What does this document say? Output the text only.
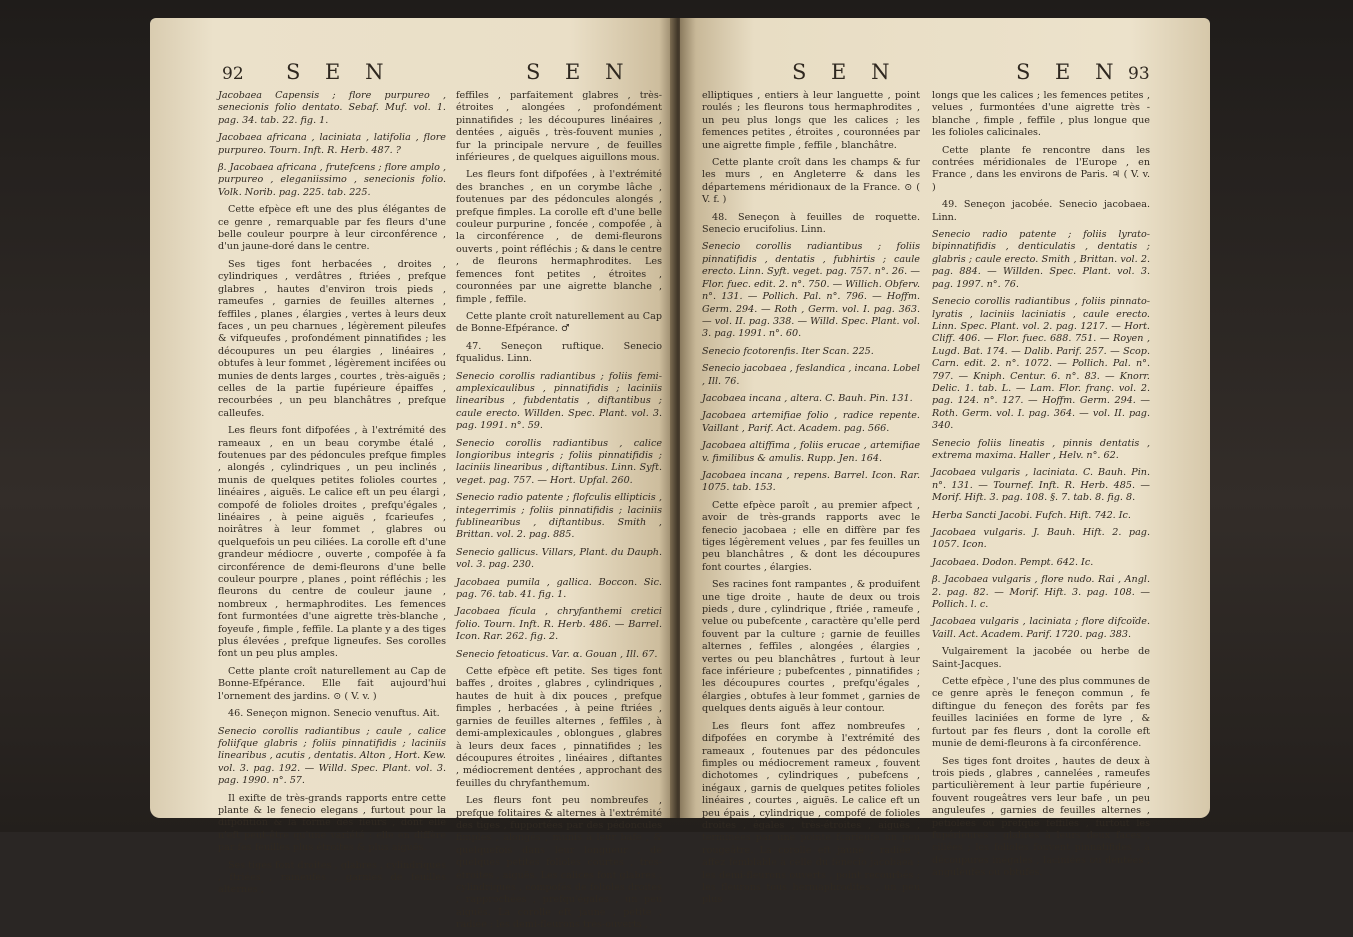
92 S E N	S E N

Jacobaea Capensis ; flore purpureo , senecionis folio dentato. Sebaf. Muf. vol. 1. pag. 34. tab. 22. fig. 1.

Jacobaea africana , laciniata , latifolia , flore purpureo. Tourn. Inft. R. Herb. 487. ?

β. Jacobaea africana , frutefcens ; flore amplo , purpureo , eleganiissimo , senecionis folio. Volk. Norib. pag. 225. tab. 225.

Cette efpèce eft une des plus élégantes de ce genre , remarquable par fes fleurs d'une belle couleur pourpre à leur circonférence , d'un jaune-doré dans le centre.

Ses tiges font herbacées , droites , cylindriques , verdâtres , ftriées , prefque glabres , hautes d'environ trois pieds , rameufes , garnies de feuilles alternes , feffiles , planes , élargies , vertes à leurs deux faces , un peu charnues , légèrement pileufes & vifqueufes , profondément pinnatifides ; les découpures un peu élargies , linéaires , obtufes à leur fommet , légèrement incifées ou munies de dents larges , courtes , très-aiguës ; celles de la partie fupérieure épaiffes , recourbées , un peu blanchâtres , prefque calleufes.

Les fleurs font difpofées , à l'extrémité des rameaux , en un beau corymbe étalé , foutenues par des pédoncules prefque fimples , alongés , cylindriques , un peu inclinés , munis de quelques petites folioles courtes , linéaires , aiguës. Le calice eft un peu élargi , compofé de folioles droites , prefqu'égales , linéaires , à peine aiguës , fcarieufes , noirâtres à leur fommet , glabres ou quelquefois un peu ciliées. La corolle eft d'une grandeur médiocre , ouverte , compofée à fa circonférence de demi-fleurons d'une belle couleur pourpre , planes , point réfléchis ; les fleurons du centre de couleur jaune , nombreux , hermaphrodites. Les femences font furmontées d'une aigrette très-blanche , foyeufe , fimple , feffile. La plante y a des tiges plus élevées , prefque ligneufes. Ses corolles font un peu plus amples.

Cette plante croît naturellement au Cap de Bonne-Efpérance. Elle fait aujourd'hui l'ornement des jardins. ⊙ ( V. v. )

46. Seneçon mignon. Senecio venuftus. Ait.

Senecio corollis radiantibus ; caule , calice foliifque glabris ; foliis pinnatifidis ; laciniis linearibus , acutis , dentatis. Alton , Hort. Kew. vol. 3. pag. 192. — Willd. Spec. Plant. vol. 3. pag. 1990. n°. 57.

Il exifte de très-grands rapports entre cette plante & le fenecio elegans , furtout pour la difpofition & la forme des fleurs , dont elle n'eft peut-être qu'une variété ; elle en diffère par fes feuilles plus étroites & plus aiguës.

Ses tiges font droites , glabres , cylindriques , ftriées , rameufes , garnies de feuilles alternes ,

feffiles , parfaitement glabres , très-étroites , alongées , profondément pinnatifides ; les découpures linéaires , dentées , aiguës , très-fouvent munies , fur la principale nervure , de feuilles inférieures , de quelques aiguillons mous.

Les fleurs font difpofées , à l'extrémité des branches , en un corymbe lâche , foutenues par des pédoncules alongés , prefque fimples. La corolle eft d'une belle couleur purpurine , foncée , compofée , à la circonférence , de demi-fleurons ouverts , point réfléchis ; & dans le centre , de fleurons hermaphrodites. Les femences font petites , étroites , couronnées par une aigrette blanche , fimple , feffile.

Cette plante croît naturellement au Cap de Bonne-Efpérance. ♂

47. Seneçon ruftique. Senecio fqualidus. Linn.

Senecio corollis radiantibus ; foliis femi-amplexicaulibus , pinnatifidis ; laciniis linearibus , fubdentatis , diftantibus ; caule erecto. Willden. Spec. Plant. vol. 3. pag. 1991. n°. 59.

Senecio corollis radiantibus , calice longioribus integris ; foliis pinnatifidis ; laciniis linearibus , diftantibus. Linn. Syft. veget. pag. 757. — Hort. Upfal. 260.

Senecio radio patente ; flofculis ellipticis , integerrimis ; foliis pinnatifidis ; laciniis fublinearibus , diftantibus. Smith , Brittan. vol. 2. pag. 885.

Senecio gallicus. Villars, Plant. du Dauph. vol. 3. pag. 230.

Jacobaea pumila , gallica. Boccon. Sic. pag. 76. tab. 41. fig. 1.

Jacobaea fícula , chryfanthemi cretici folio. Tourn. Inft. R. Herb. 486. — Barrel. Icon. Rar. 262. fig. 2.

Senecio fetoaticus. Var. α. Gouan , Ill. 67.

Cette efpèce eft petite. Ses tiges font baffes , droites , glabres , cylindriques , hautes de huit à dix pouces , prefque fimples , herbacées , à peine ftriées , garnies de feuilles alternes , feffiles , à demi-amplexicaules , oblongues , glabres à leurs deux faces , pinnatifides ; les découpures étroites , linéaires , diftantes , médiocrement dentées , approchant des feuilles du chryfanthemum.

Les fleurs font peu nombreufes , prefque folitaires & alternes à l'extrémité des tiges , fupportées par des pédoncules fimples , alongés , munis à leur bafe , & quelquefois dans leur longueur , de quelques petites folioles courtes , très-étroites , aiguës. Les calices font glabres , cylindriques , compofés de folioles droites , rapprochées , prefqu'égales , un peu aiguës. La corolle eft jaune , petite , radiée ; les demi-fleurons très-ouverts ,

S E N	S E N 93

elliptiques , entiers à leur languette , point roulés ; les fleurons tous hermaphrodites , un peu plus longs que les calices ; les femences petites , étroites , couronnées par une aigrette fimple , feffile , blanchâtre.

Cette plante croît dans les champs & fur les murs , en Angleterre & dans les départemens méridionaux de la France. ⊙ ( V. f. )

48. Seneçon à feuilles de roquette. Senecio erucifolius. Linn.

Senecio corollis radiantibus ; foliis pinnatifidis , dentatis , fubhirtis ; caule erecto. Linn. Syft. veget. pag. 757. n°. 26. — Flor. fuec. edit. 2. n°. 750. — Willich. Obferv. n°. 131. — Pollich. Pal. n°. 796. — Hoffm. Germ. 294. — Roth , Germ. vol. I. pag. 363. — vol. II. pag. 338. — Willd. Spec. Plant. vol. 3. pag. 1991. n°. 60.

Senecio fcotorenfis. Iter Scan. 225.

Senecio jacobaea , feslandica , incana. Lobel , Ill. 76.

Jacobaea incana , altera. C. Bauh. Pin. 131.

Jacobaea artemifiae folio , radice repente. Vaillant , Parif. Act. Academ. pag. 566.

Jacobaea altiffima , foliis erucae , artemifiae v. fimilibus & amulis. Rupp. Jen. 164.

Jacobaea incana , repens. Barrel. Icon. Rar. 1075. tab. 153.

Cette efpèce paroît , au premier afpect , avoir de très-grands rapports avec le fenecio jacobaea ; elle en diffère par fes tiges légèrement velues , par fes feuilles un peu blanchâtres , & dont les découpures font courtes , élargies.

Ses racines font rampantes , & produifent une tige droite , haute de deux ou trois pieds , dure , cylindrique , ftriée , rameufe , velue ou pubefcente , caractère qu'elle perd fouvent par la culture ; garnie de feuilles alternes , feffiles , alongées , élargies , vertes ou peu blanchâtres , furtout à leur face inférieure ; pubefcentes , pinnatifides ; les découpures courtes , prefqu'égales , élargies , obtufes à leur fommet , garnies de quelques dents aiguës à leur contour.

Les fleurs font affez nombreufes , difpofées en corymbe à l'extrémité des rameaux , foutenues par des pédoncules fimples ou médiocrement rameux , fouvent dichotomes , cylindriques , pubefcens , inégaux , garnis de quelques petites folioles linéaires , courtes , aiguës. Le calice eft un peu épais , cylindrique , compofé de folioles droites , égales , très-étroites , aiguës , terminées par une pointe fcarieufe un peu rougeâtre. La corolle eft jaune , radiée , affez femblable à celle du fenecio jacobaea ; les demi-fleurons ouverts , point recourbés ; les fleurons tous hermaphrodites , un peu plus

longs que les calices ; les femences petites , velues , furmontées d'une aigrette très - blanche , fimple , feffile , plus longue que les folioles calicinales.

Cette plante fe rencontre dans les contrées méridionales de l'Europe , en France , dans les environs de Paris. ♃ ( V. v. )

49. Seneçon jacobée. Senecio jacobaea. Linn.

Senecio radio patente ; foliis lyrato-bipinnatifidis , denticulatis , dentatis ; glabris ; caule erecto. Smith , Brittan. vol. 2. pag. 884. — Willden. Spec. Plant. vol. 3. pag. 1997. n°. 76.

Senecio corollis radiantibus , foliis pinnato-lyratis , laciniis laciniatis , caule erecto. Linn. Spec. Plant. vol. 2. pag. 1217. — Hort. Cliff. 406. — Flor. fuec. 688. 751. — Royen , Lugd. Bat. 174. — Dalib. Parif. 257. — Scop. Carn. edit. 2. n°. 1072. — Pollich. Pal. n°. 797. — Kniph. Centur. 6. n°. 83. — Knorr. Delic. 1. tab. L. — Lam. Flor. franç. vol. 2. pag. 124. n°. 127. — Hoffm. Germ. 294. — Roth. Germ. vol. I. pag. 364. — vol. II. pag. 340.

Senecio foliis lineatis , pinnis dentatis , extrema maxima. Haller , Helv. n°. 62.

Jacobaea vulgaris , laciniata. C. Bauh. Pin. n°. 131. — Tournef. Inft. R. Herb. 485. — Morif. Hift. 3. pag. 108. §. 7. tab. 8. fig. 8.

Herba Sancti Jacobi. Fufch. Hift. 742. Ic.

Jacobaea vulgaris. J. Bauh. Hift. 2. pag. 1057. Icon.

Jacobaea. Dodon. Pempt. 642. Ic.

β. Jacobaea vulgaris , flore nudo. Rai , Angl. 2. pag. 82. — Morif. Hift. 3. pag. 108. — Pollich. l. c.

Jacobaea vulgaris , laciniata ; flore difcoïde. Vaill. Act. Academ. Parif. 1720. pag. 383.

Vulgairement la jacobée ou herbe de Saint-Jacques.

Cette efpèce , l'une des plus communes de ce genre après le feneçon commun , fe diftingue du feneçon des forêts par fes feuilles laciniées en forme de lyre , & furtout par fes fleurs , dont la corolle eft munie de demi-fleurons à fa circonférence.

Ses tiges font droites , hautes de deux à trois pieds , glabres , cannelées , rameufes particulièrement à leur partie fupérieure , fouvent rougeâtres vers leur bafe , un peu anguleufes , garnies de feuilles alternes , pétiolées ou prefque feffiles , furtout les fupérieures ; glabres à leurs deux faces , ciliées ; les folioles fouvent pinnatifides , à découpures inégales , laciniées ou dentées , anguleufes ou obtufes.
